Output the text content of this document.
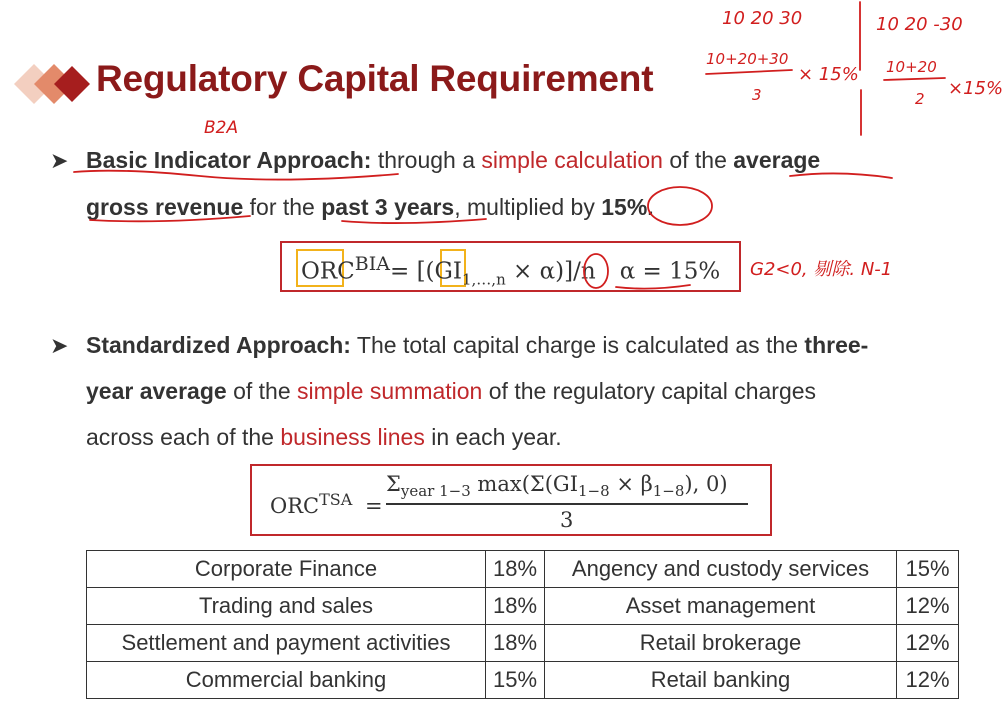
Regulatory Capital Requirement
➤ Basic Indicator Approach: through a simple calculation of the average
gross revenue for the past 3 years, multiplied by 15%.
$ORC^{BIA}= [(GI_{1,\dots,n} \times \alpha)]/n$ α = 15%
➤ Standardized Approach: The total capital charge is calculated as the three-
year average of the simple summation of the regulatory capital charges
across each of the business lines in each year.
$ORC^{TSA}$ =
$\Sigma_{year 1-3}$ $\max(\Sigma(GI_{1-8} \times \beta_{1-8})$, 0)
3
Corporate Finance	18%	Angency and custody services	15%
Trading and sales	18%	Asset management	12%
Settlement and payment activities	18%	Retail brokerage	12%
Commercial banking	15%	Retail banking	12%
10 20 30
10+20+30
3
× 15%
10 20 -30
10+20
2 ×15%
B2A
G2<0, 剔除. N-1
